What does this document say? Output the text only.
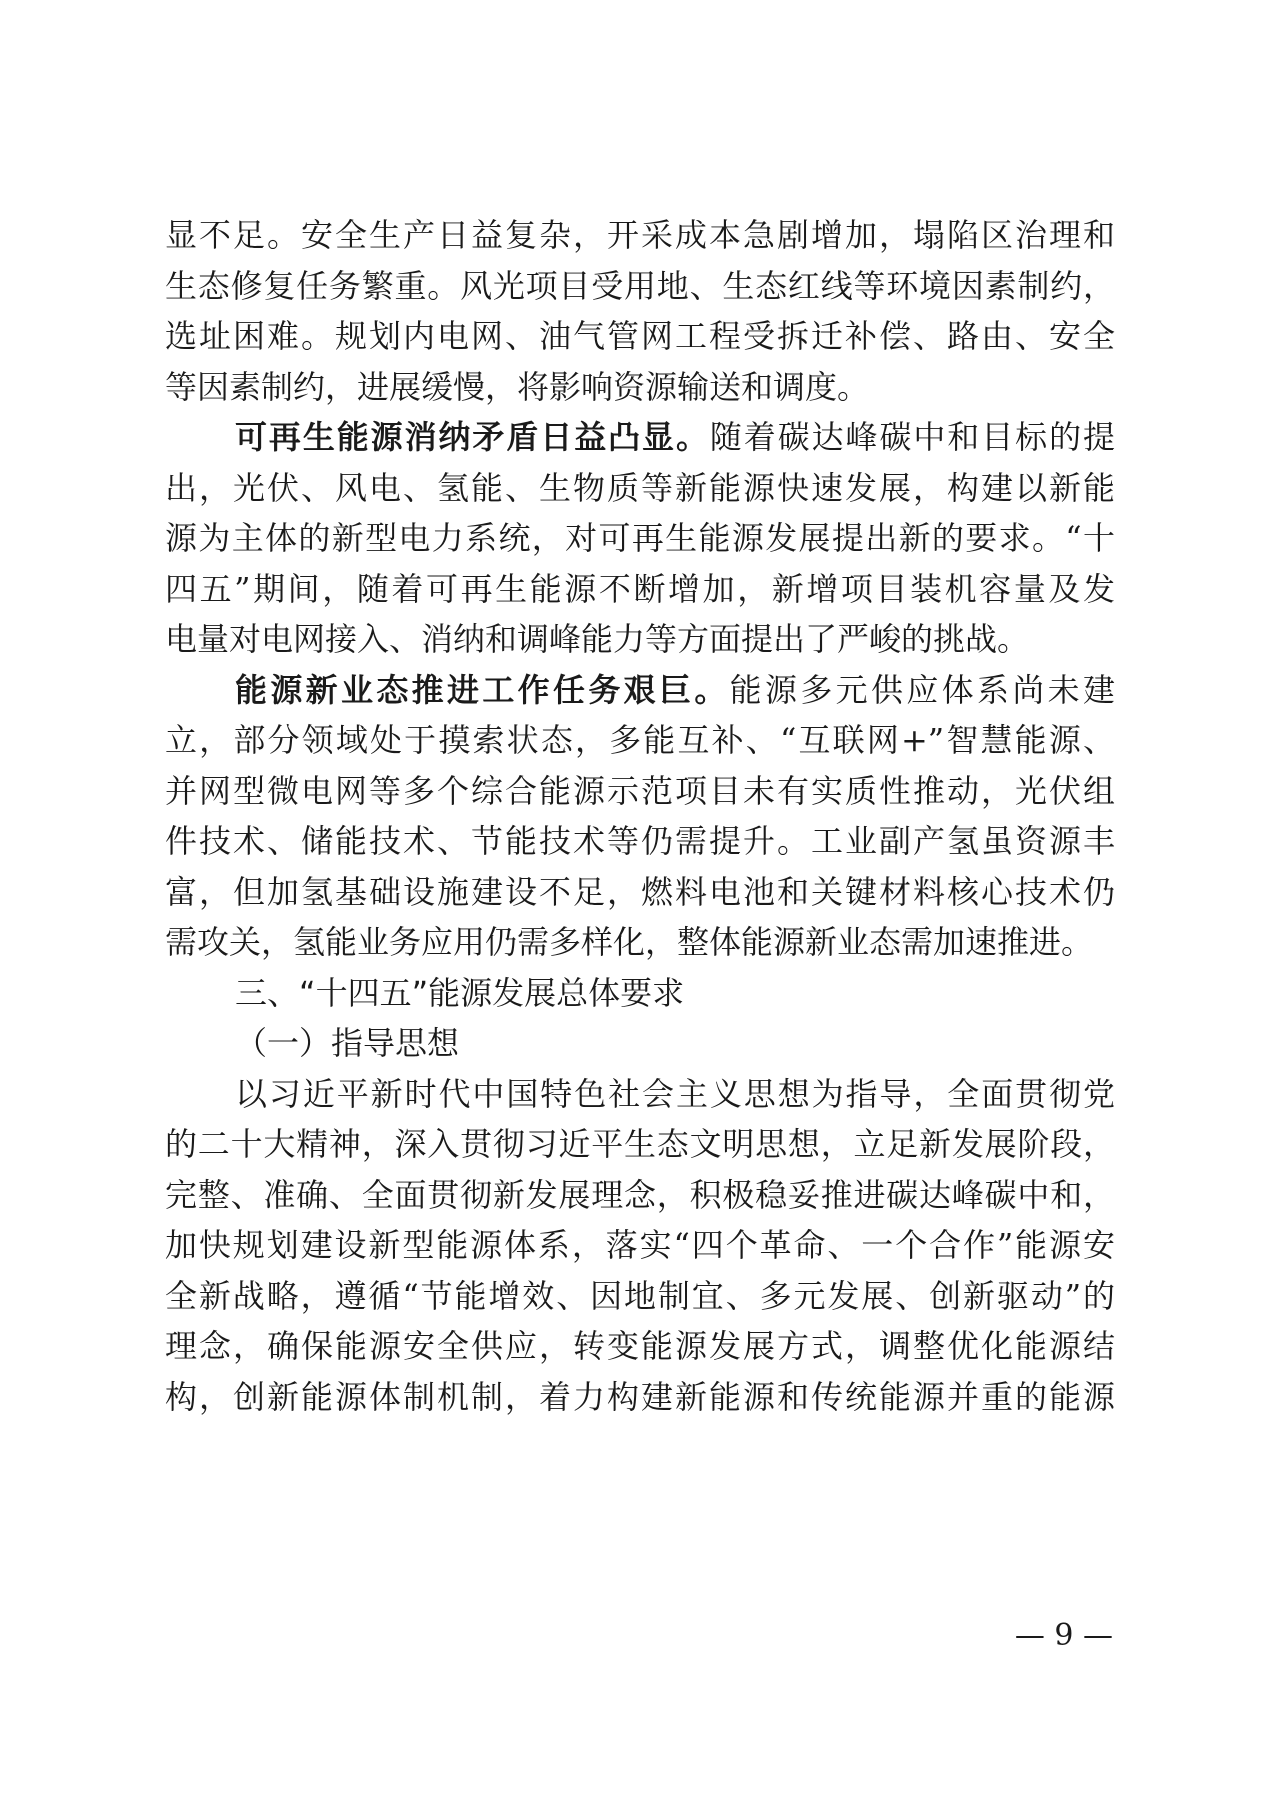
显不足。安全生产日益复杂，开采成本急剧增加，塌陷区治理和
生态修复任务繁重。风光项目受用地、生态红线等环境因素制约，
选址困难。规划内电网、油气管网工程受拆迁补偿、路由、安全
等因素制约，进展缓慢，将影响资源输送和调度。
可再生能源消纳矛盾日益凸显。随着碳达峰碳中和目标的提
出，光伏、风电、氢能、生物质等新能源快速发展，构建以新能
源为主体的新型电力系统，对可再生能源发展提出新的要求。“十
四五”期间，随着可再生能源不断增加，新增项目装机容量及发
电量对电网接入、消纳和调峰能力等方面提出了严峻的挑战。
能源新业态推进工作任务艰巨。能源多元供应体系尚未建
立，部分领域处于摸索状态，多能互补、“互联网+”智慧能源、
并网型微电网等多个综合能源示范项目未有实质性推动，光伏组
件技术、储能技术、节能技术等仍需提升。工业副产氢虽资源丰
富，但加氢基础设施建设不足，燃料电池和关键材料核心技术仍
需攻关，氢能业务应用仍需多样化，整体能源新业态需加速推进。
三、“十四五”能源发展总体要求
（一）指导思想
以习近平新时代中国特色社会主义思想为指导，全面贯彻党
的二十大精神，深入贯彻习近平生态文明思想，立足新发展阶段，
完整、准确、全面贯彻新发展理念，积极稳妥推进碳达峰碳中和，
加快规划建设新型能源体系，落实“四个革命、一个合作”能源安
全新战略，遵循“节能增效、因地制宜、多元发展、创新驱动”的
理念，确保能源安全供应，转变能源发展方式，调整优化能源结
构，创新能源体制机制，着力构建新能源和传统能源并重的能源
— 9 —
